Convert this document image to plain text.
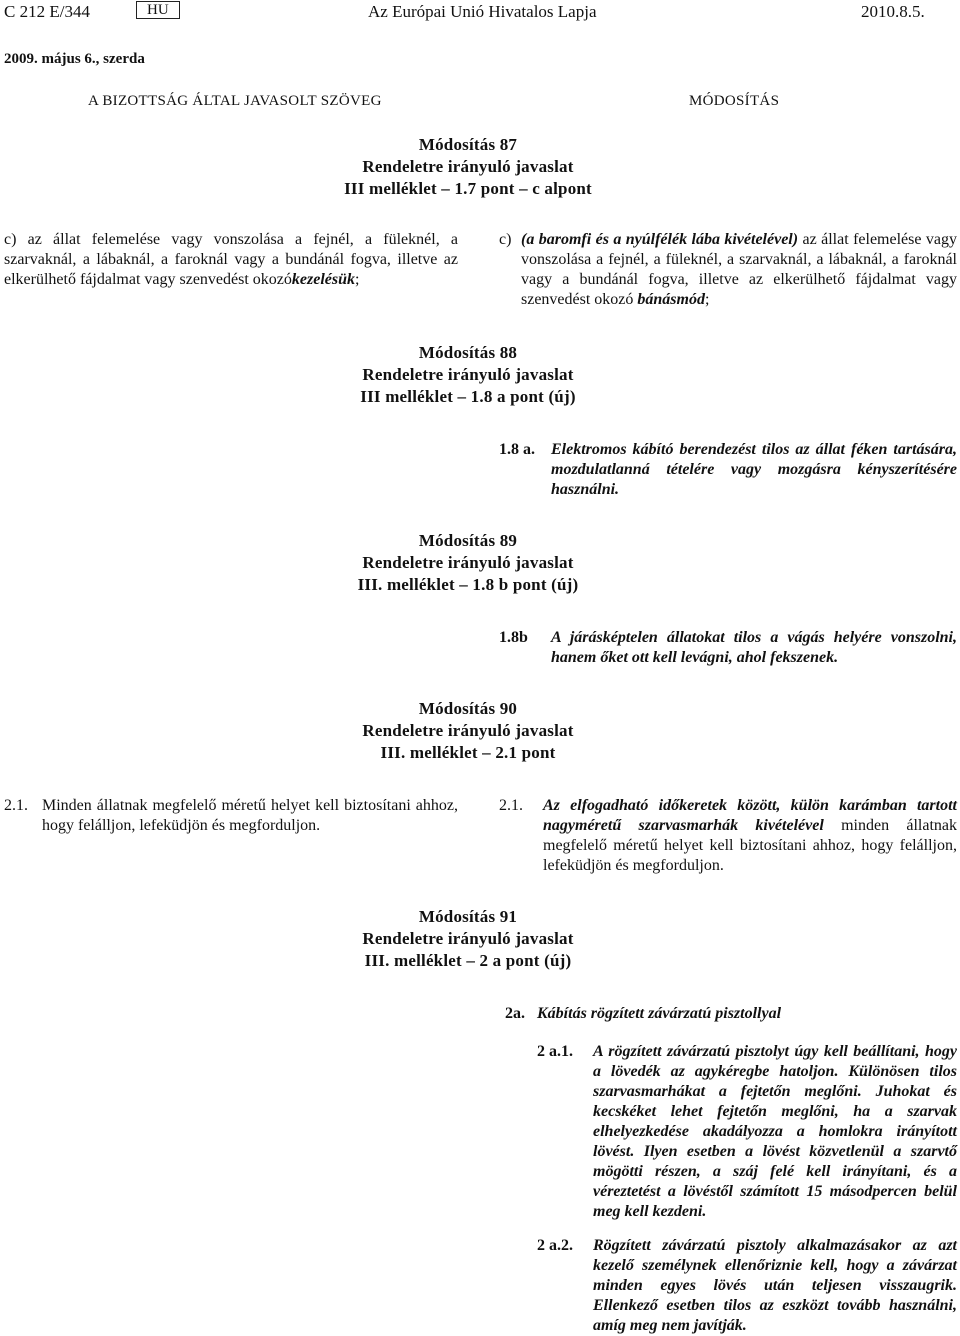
C 212 E/344	HU	Az Európai Unió Hivatalos Lapja	2010.8.5.
2009. május 6., szerda
A BIZOTTSÁG ÁLTAL JAVASOLT SZÖVEG	MÓDOSÍTÁS
Módosítás 87
Rendeletre irányuló javaslat
III melléklet – 1.7 pont – c alpont
c) az állat felemelése vagy vonszolása a fejnél, a füleknél, a szarvaknál, a lábaknál, a faroknál vagy a bundánál fogva, illetve az elkerülhető fájdalmat vagy szenvedést okozókezelésük;
c) (a baromfi és a nyúlfélék lába kivételével) az állat felemelése vagy vonszolása a fejnél, a füleknél, a szarvaknál, a lábaknál, a faroknál vagy a bundánál fogva, illetve az elkerülhető fájdalmat vagy szenvedést okozó bánásmód;
Módosítás 88
Rendeletre irányuló javaslat
III melléklet – 1.8 a pont (új)
1.8 a.	Elektromos kábító berendezést tilos az állat féken tartására, mozdulatlanná tételére vagy mozgásra kényszerítésére használni.
Módosítás 89
Rendeletre irányuló javaslat
III. melléklet – 1.8 b pont (új)
1.8b	A járásképtelen állatokat tilos a vágás helyére vonszolni, hanem őket ott kell levágni, ahol fekszenek.
Módosítás 90
Rendeletre irányuló javaslat
III. melléklet – 2.1 pont
2.1. Minden állatnak megfelelő méretű helyet kell biztosítani ahhoz, hogy felálljon, lefeküdjön és megforduljon.
2.1.	Az elfogadható időkeretek között, külön karámban tartott nagyméretű szarvasmarhák kivételével minden állatnak megfelelő méretű helyet kell biztosítani ahhoz, hogy felálljon, lefeküdjön és megforduljon.
Módosítás 91
Rendeletre irányuló javaslat
III. melléklet – 2 a pont (új)
2a. Kábítás rögzített závárzatú pisztollyal
2 a.1.	A rögzített závárzatú pisztolyt úgy kell beállítani, hogy a lövedék az agykéregbe hatoljon. Különösen tilos szarvasmarhákat a fejtetőn meglőni. Juhokat és kecskéket lehet fejtetőn meglőni, ha a szarvak elhelyezkedése akadályozza a homlokra irányított lövést. Ilyen esetben a lövést közvetlenül a szarvtő mögötti részen, a száj felé kell irányítani, és a véreztetést a lövéstől számított 15 másodpercen belül meg kell kezdeni.
2 a.2.	Rögzített závárzatú pisztoly alkalmazásakor az azt kezelő személynek ellenőriznie kell, hogy a závárzat minden egyes lövés után teljesen visszaugrik. Ellenkező esetben tilos az eszközt tovább használni, amíg meg nem javítják.
